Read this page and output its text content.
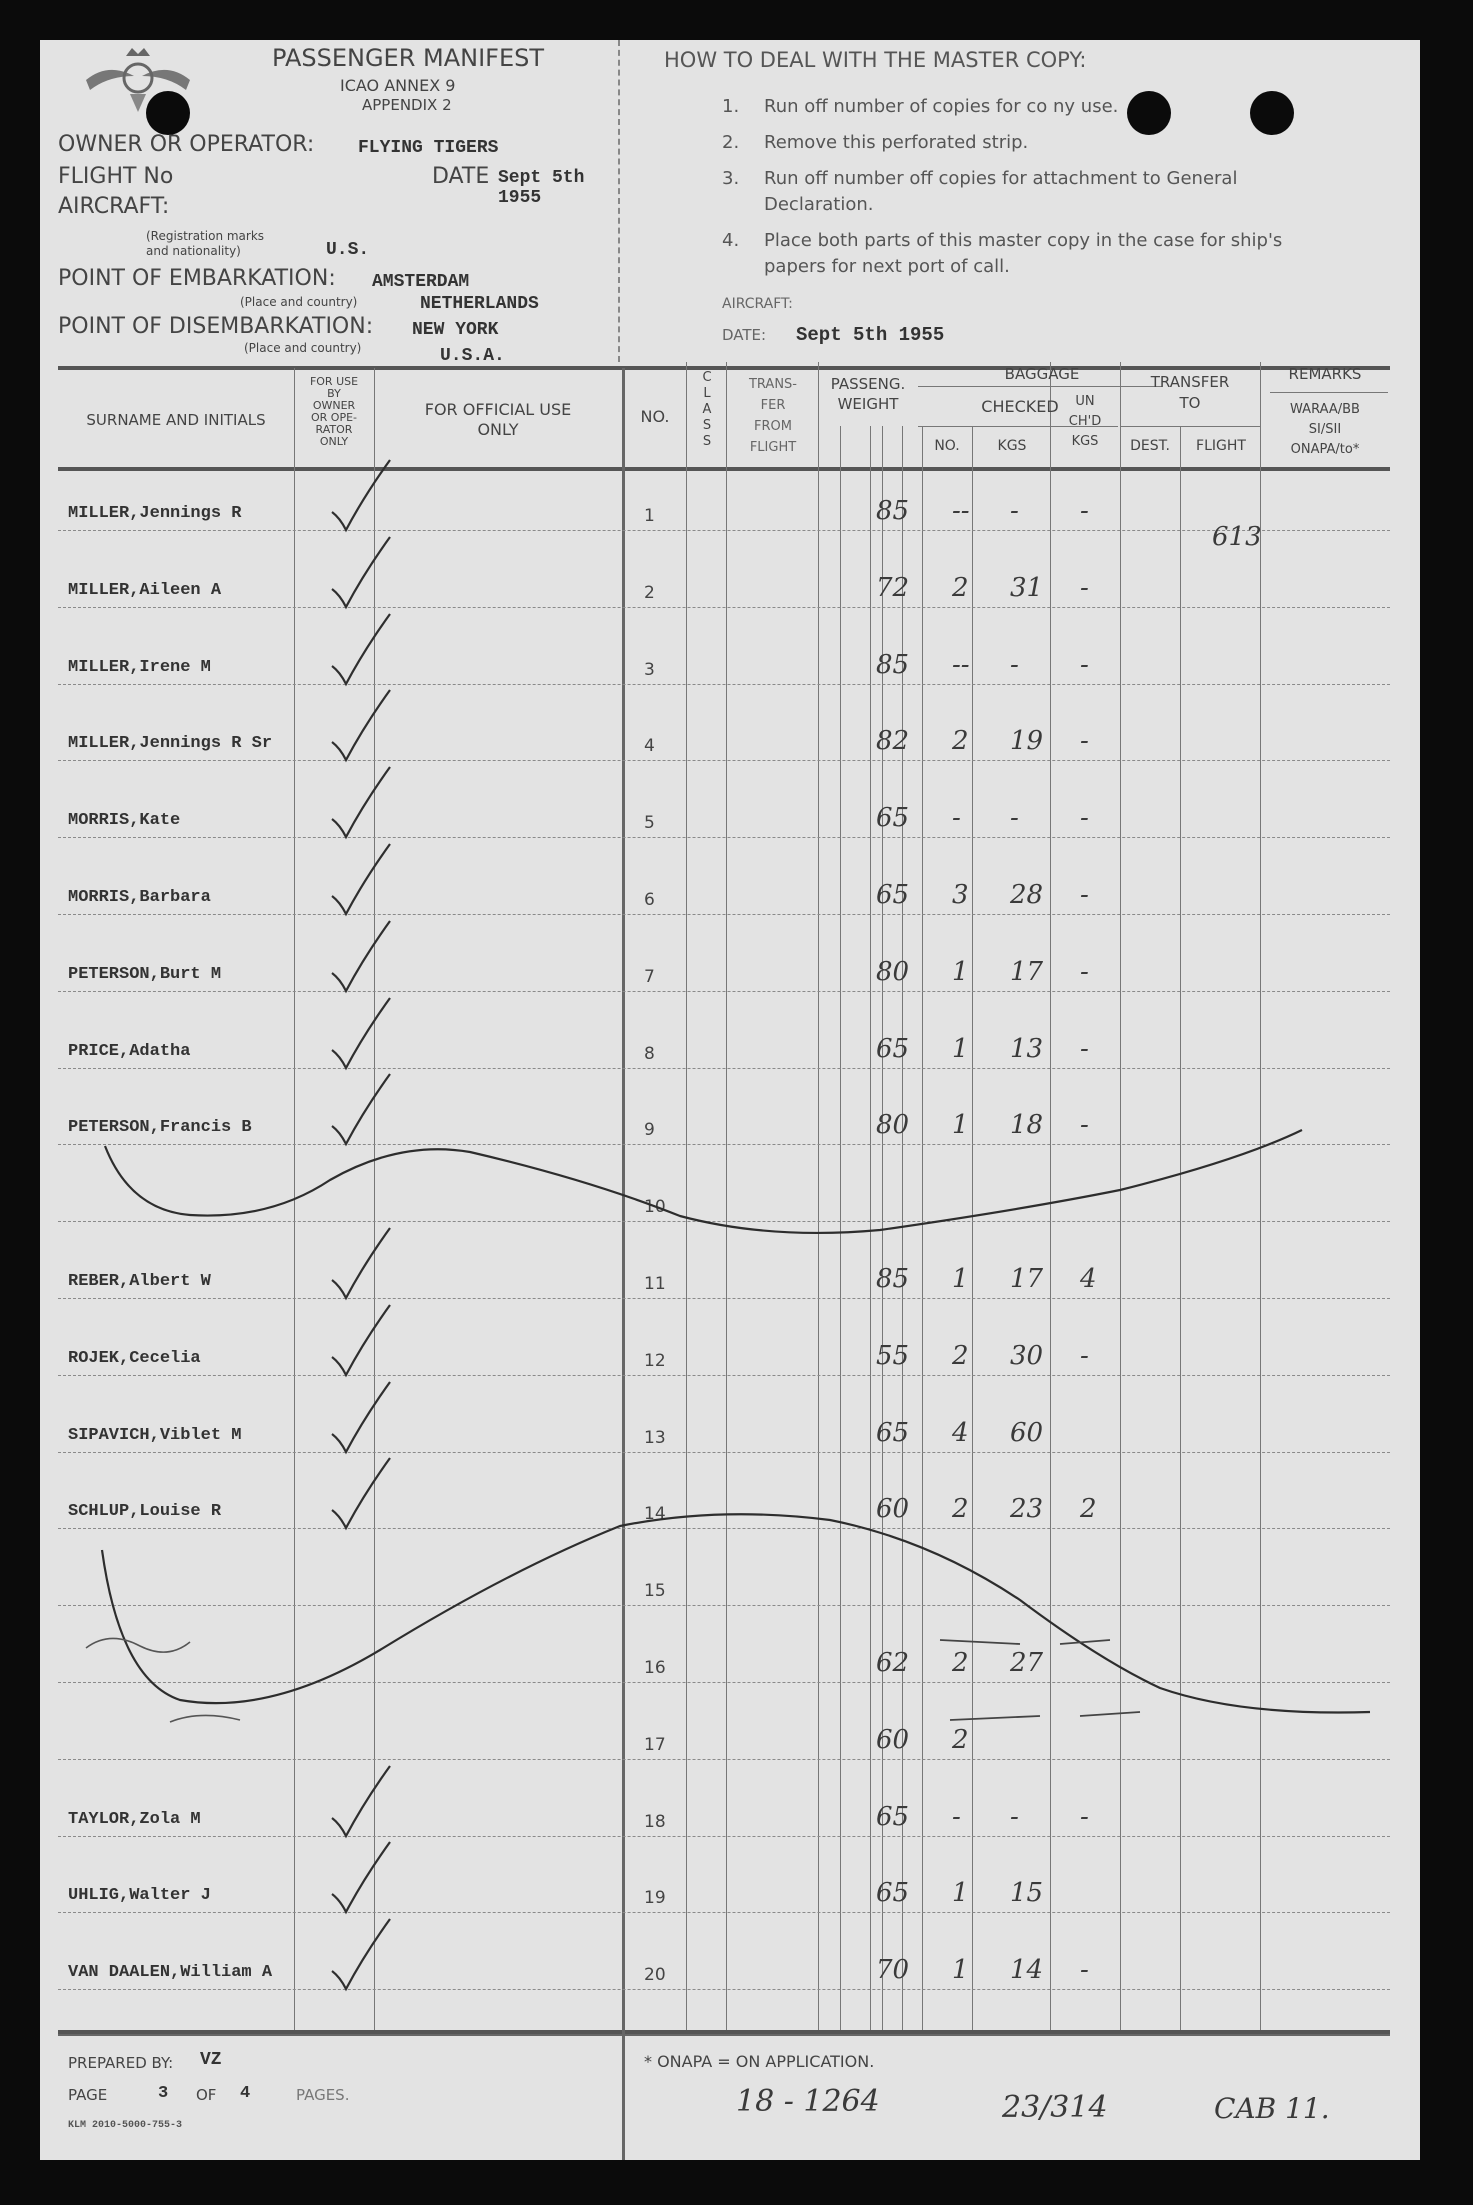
PASSENGER MANIFEST
ICAO ANNEX 9
APPENDIX 2
OWNER OR OPERATOR: FLYING TIGERS
FLIGHT No	DATE Sept 5th
1955
AIRCRAFT:
(Registration marks
and nationality)	U.S.
POINT OF EMBARKATION: AMSTERDAM
(Place and country)	NETHERLANDS
POINT OF DISEMBARKATION: NEW YORK
(Place and country)	U.S.A.
HOW TO DEAL WITH THE MASTER COPY:
1. Run off number of copies for co ny use.
2. Remove this perforated strip.
3. Run off number off copies for attachment to General
Declaration.
4. Place both parts of this master copy in the case for ship's
papers for next port of call.
AIRCRAFT:
DATE: Sept 5th 1955
SURNAME AND INITIALS
FOR USE
BY
OWNER
OR OPE-
RATOR
ONLY
FOR OFFICIAL USE
ONLY
NO.
C
L
A
S
S
TRANS-
FER
FROM
FLIGHT
PASSENG.
WEIGHT
BAGGAGE
CHECKED
NO.	KGS
UN
CH'D
KGS
TRANSFER
TO
DEST.	FLIGHT
REMARKS
WARAA/BB
SI/SII
ONAPA/to*
MILLER,Jennings R	1	85 -- - -
613
MILLER,Aileen A	2	72 2 31 -
MILLER,Irene M	3	85 -- - -
MILLER,Jennings R Sr	4	82 2 19 -
MORRIS,Kate	5	65 - - -
MORRIS,Barbara	6	65 3 28 -
PETERSON,Burt M	7	80 1 17 -
PRICE,Adatha	8	65 1 13 -
PETERSON,Francis B	9	80 1 18 -
10
REBER,Albert W	11	85 1 17 4
ROJEK,Cecelia	12	55 2 30 -
SIPAVICH,Viblet M	13	65 4 60
SCHLUP,Louise R	14	60 2 23 2
15
16	62 2 27
17	60 2
TAYLOR,Zola M	18	65 - - -
UHLIG,Walter J	19	65 1 15
VAN DAALEN,William A	20	70 1 14 -
PREPARED BY: VZ
PAGE	3 OF 4	PAGES.
KLM 2010-5000-755-3
* ONAPA = ON APPLICATION.
18 - 1264	23/314	CAB 11.
